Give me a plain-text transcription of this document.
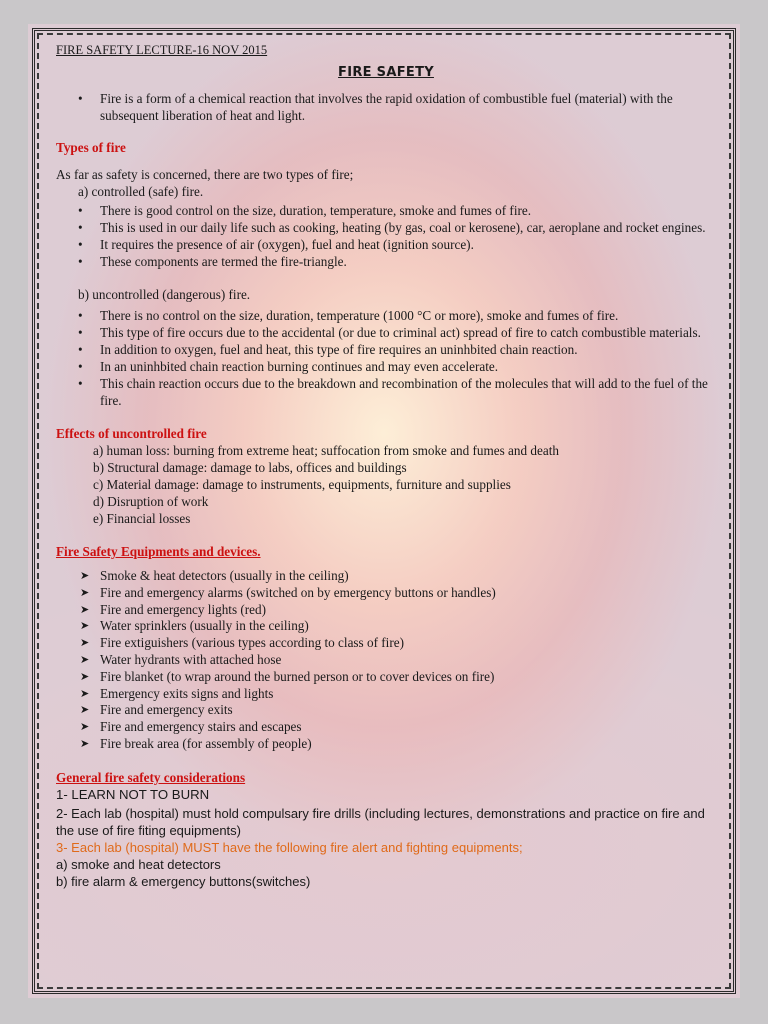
FIRE SAFETY LECTURE-16 NOV 2015
FIRE SAFETY
• Fire is a form of a chemical reaction that involves the rapid oxidation of combustible fuel (material) with the subsequent liberation of heat and light.
Types of fire
As far as safety is concerned, there are two types of fire;
a) controlled (safe) fire.
• There is good control on the size, duration, temperature, smoke and fumes of fire.
• This is used in our daily life such as cooking, heating (by gas, coal or kerosene), car, aeroplane and rocket engines.
• It requires the presence of air (oxygen), fuel and heat (ignition source).
• These components are termed the fire-triangle.
b) uncontrolled (dangerous) fire.
• There is no control on the size, duration, temperature (1000 °C or more), smoke and fumes of fire.
• This type of fire occurs due to the accidental (or due to criminal act) spread of fire to catch combustible materials.
• In addition to oxygen, fuel and heat, this type of fire requires an uninhbited chain reaction.
• In an uninhbited chain reaction burning continues and may even accelerate.
• This chain reaction occurs due to the breakdown and recombination of the molecules that will add to the fuel of the fire.
Effects of uncontrolled fire
a) human loss: burning from extreme heat; suffocation from smoke and fumes and death
b) Structural damage: damage to labs, offices and buildings
c) Material damage: damage to instruments, equipments, furniture and supplies
d) Disruption of work
e) Financial losses
Fire Safety Equipments and devices.
➤ Smoke & heat detectors (usually in the ceiling)
➤ Fire and emergency alarms (switched on by emergency buttons or handles)
➤ Fire and emergency lights (red)
➤ Water sprinklers (usually in the ceiling)
➤ Fire extiguishers (various types according to class of fire)
➤ Water hydrants with attached hose
➤ Fire blanket (to wrap around the burned person or to cover devices on fire)
➤ Emergency exits signs and lights
➤ Fire and emergency exits
➤ Fire and emergency stairs and escapes
➤ Fire break area (for assembly of people)
General fire safety considerations
1- LEARN NOT TO BURN
2- Each lab (hospital) must hold compulsary fire drills (including lectures, demonstrations and practice on fire and the use of fire fiting equipments)
3- Each lab (hospital) MUST have the following fire alert and fighting equipments;
a) smoke and heat detectors
b) fire alarm & emergency buttons(switches)
